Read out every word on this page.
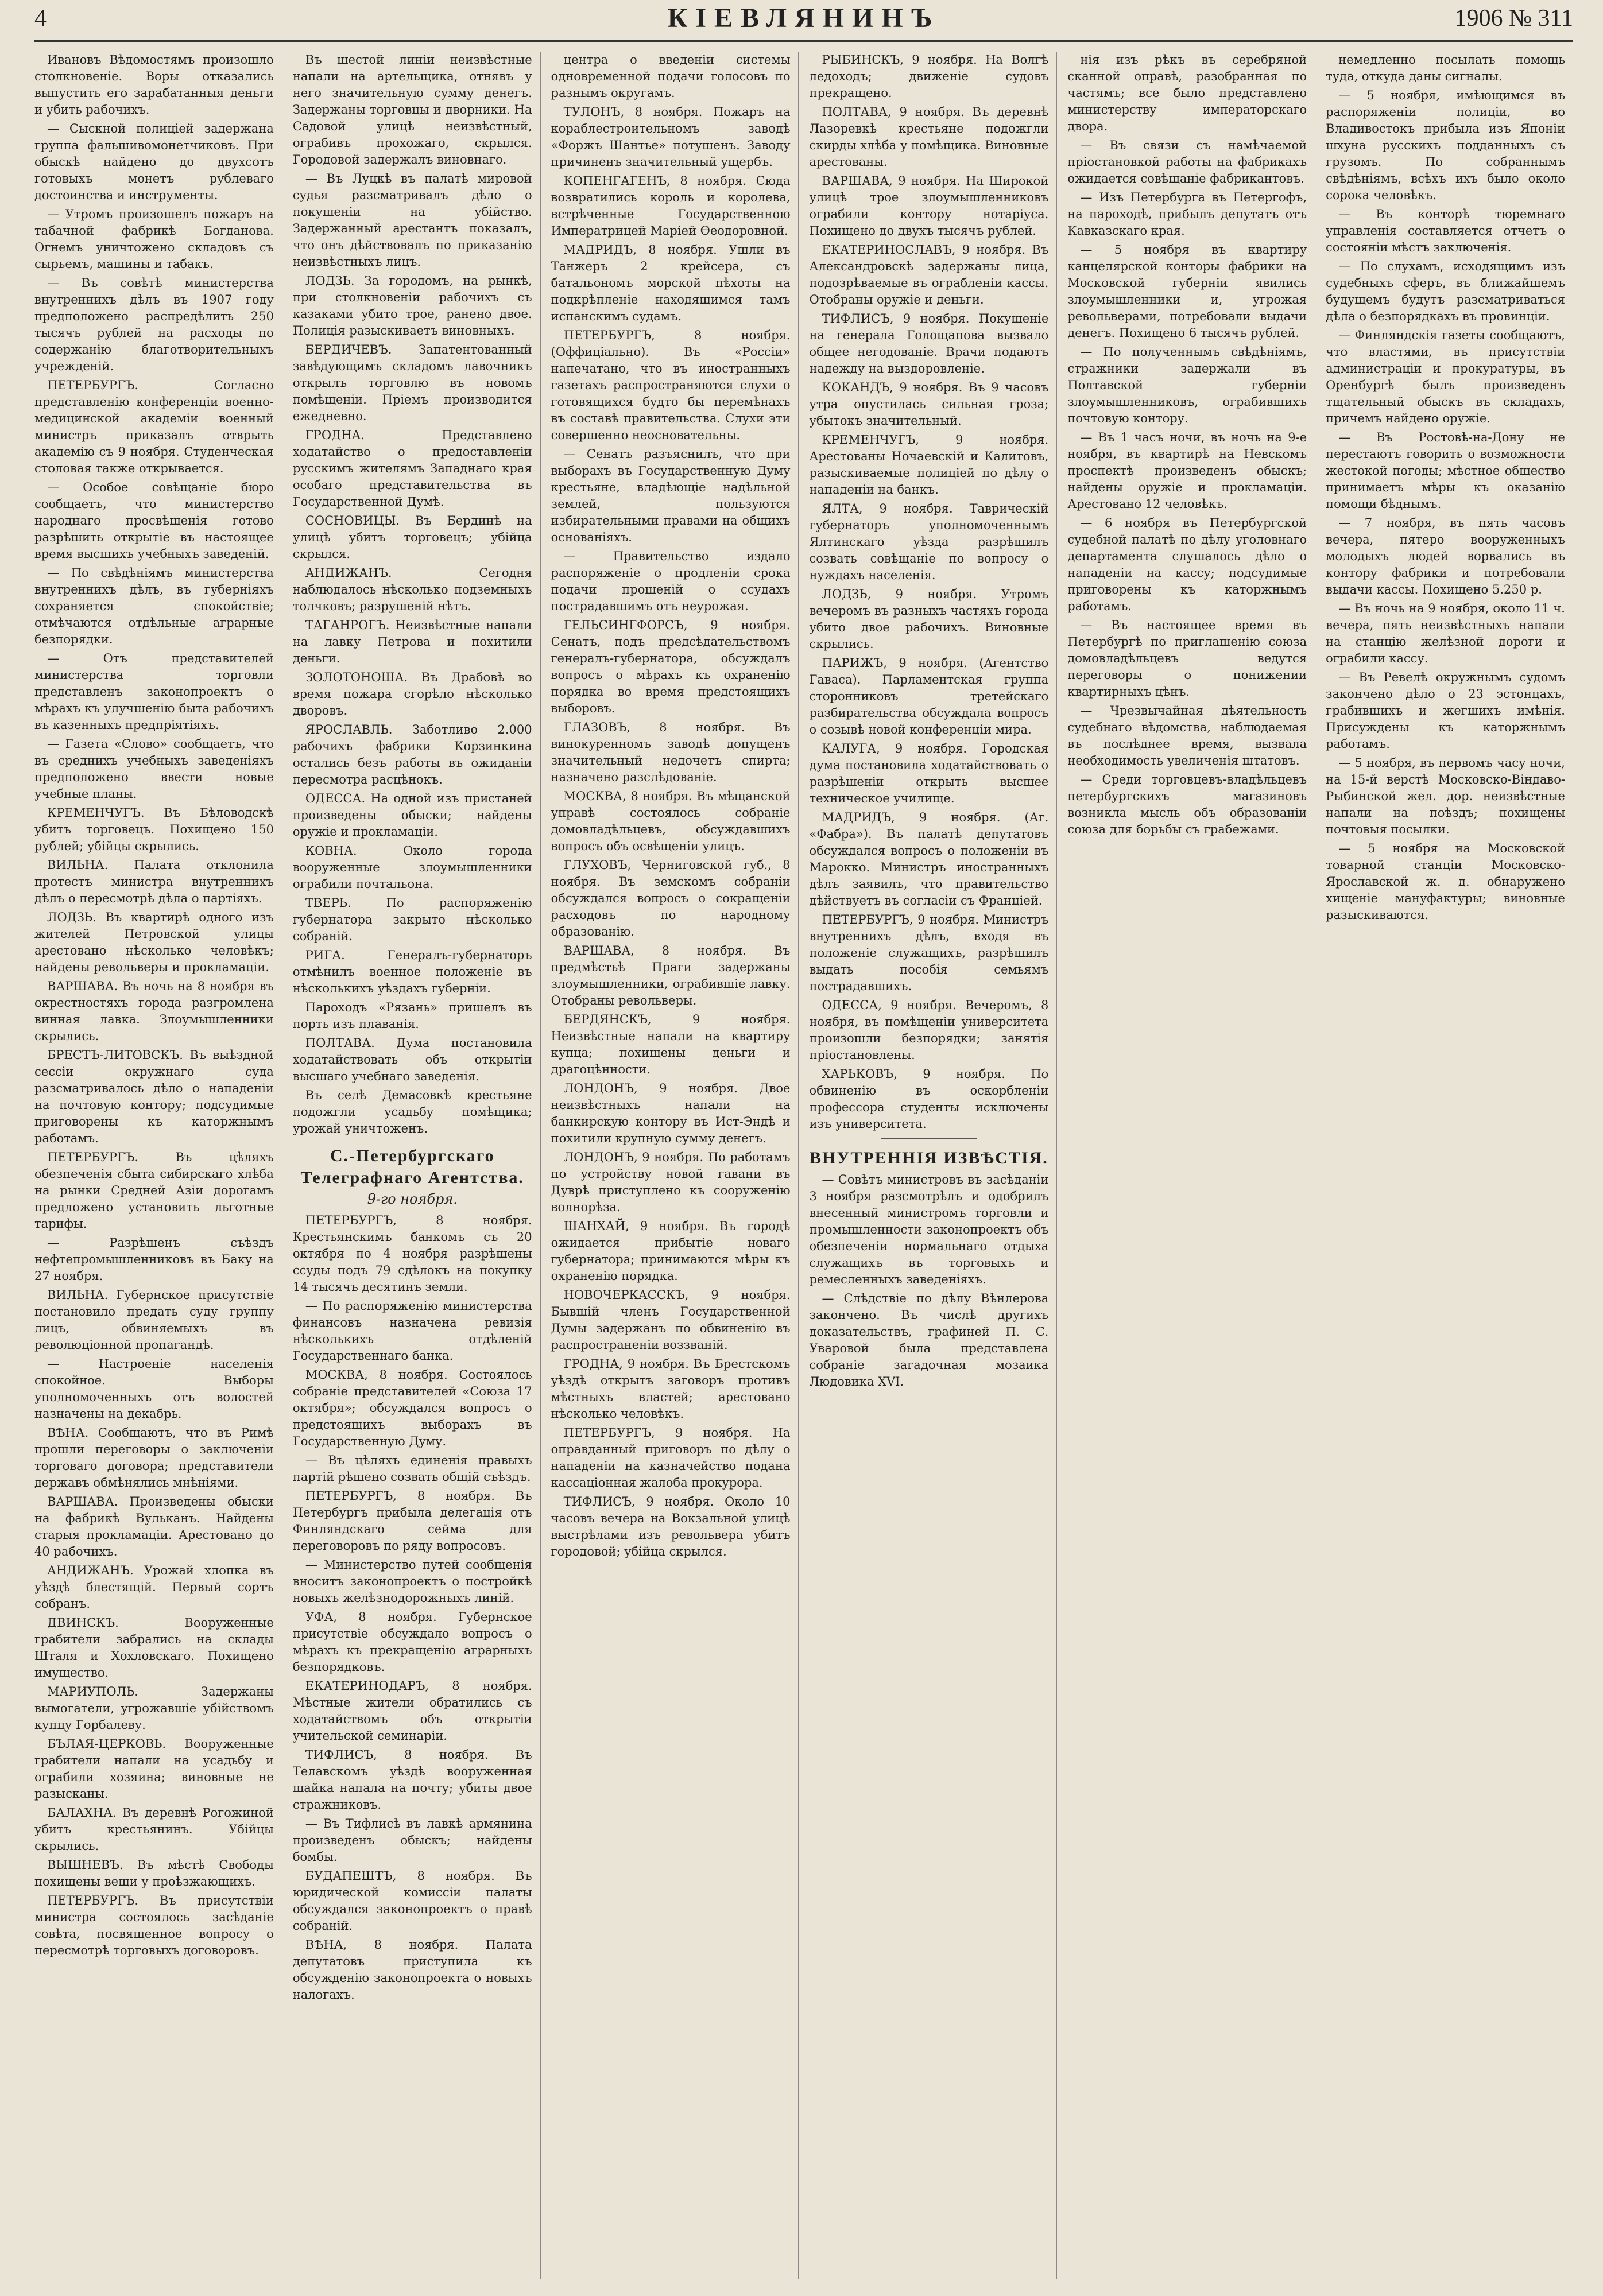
4	КІЕВЛЯНИНЪ	1906 № 311

Ивановъ Вѣдомостямъ произошло столкновеніе. Воры отказались выпустить его зарабатанныя деньги и убить рабочихъ.

— Сыскной полиціей задержана группа фальшивомонетчиковъ. При обыскѣ найдено до двухсотъ готовыхъ монетъ рублеваго достоинства и инструменты.

— Утромъ произошелъ пожаръ на табачной фабрикѣ Богданова. Огнемъ уничтожено складовъ съ сырьемъ, машины и табакъ.

— Въ совѣтѣ министерства внутреннихъ дѣлъ въ 1907 году предположено распредѣлить 250 тысячъ рублей на расходы по содержанію благотворительныхъ учрежденій.

ПЕТЕРБУРГЪ. Согласно представленію конференціи военно-медицинской академіи военный министръ приказалъ отврыть академію съ 9 ноября. Студенческая столовая также открывается.

— Особое совѣщаніе бюро сообщаетъ, что министерство народнаго просвѣщенія готово разрѣшить открытіе въ настоящее время высшихъ учебныхъ заведеній.

— По свѣдѣніямъ министерства внутреннихъ дѣлъ, въ губерніяхъ сохраняется спокойствіе; отмѣчаются отдѣльные аграрные безпорядки.

— Отъ представителей министерства торговли представленъ законопроектъ о мѣрахъ къ улучшенію быта рабочихъ въ казенныхъ предпріятіяхъ.

— Газета «Слово» сообщаетъ, что въ среднихъ учебныхъ заведеніяхъ предположено ввести новые учебные планы.

КРЕМЕНЧУГЪ. Въ Бѣловодскѣ убитъ торговецъ. Похищено 150 рублей; убійцы скрылись.

ВИЛЬНА. Палата отклонила протестъ министра внутреннихъ дѣлъ о пересмотрѣ дѣла о партіяхъ.

ЛОДЗЬ. Въ квартирѣ одного изъ жителей Петровской улицы арестовано нѣсколько человѣкъ; найдены револьверы и прокламаціи.

ВАРШАВА. Въ ночь на 8 ноября въ окрестностяхъ города разгромлена винная лавка. Злоумышленники скрылись.

БРЕСТЪ-ЛИТОВСКЪ. Въ выѣздной сессіи окружнаго суда разсматривалось дѣло о нападеніи на почтовую контору; подсудимые приговорены къ каторжнымъ работамъ.

ПЕТЕРБУРГЪ. Въ цѣляхъ обезпеченія сбыта сибирскаго хлѣба на рынки Средней Азіи дорогамъ предложено установить льготные тарифы.

— Разрѣшенъ съѣздъ нефтепромышленниковъ въ Баку на 27 ноября.

ВИЛЬНА. Губернское присутствіе постановило предать суду группу лицъ, обвиняемыхъ въ революціонной пропагандѣ.

— Настроеніе населенія спокойное. Выборы уполномоченныхъ отъ волостей назначены на декабрь.

ВѢНА. Сообщаютъ, что въ Римѣ прошли переговоры о заключеніи торговаго договора; представители державъ обмѣнялись мнѣніями.

ВАРШАВА. Произведены обыски на фабрикѣ Вульканъ. Найдены старыя прокламаціи. Арестовано до 40 рабочихъ.

АНДИЖАНЪ. Урожай хлопка въ уѣздѣ блестящій. Первый сортъ собранъ.

ДВИНСКЪ. Вооруженные грабители забрались на склады Шталя и Хохловскаго. Похищено имущество.

МАРИУПОЛЬ. Задержаны вымогатели, угрожавшіе убійствомъ купцу Горбалеву.

БЪЛАЯ-ЦЕРКОВЬ. Вооруженные грабители напали на усадьбу и ограбили хозяина; виновные не разысканы.

БАЛАХНА. Въ деревнѣ Рогожиной убитъ крестьянинъ. Убійцы скрылись.

ВЫШНЕВЪ. Въ мѣстѣ Свободы похищены вещи у проѣзжающихъ.

ПЕТЕРБУРГЪ. Въ присутствіи министра состоялось засѣданіе совѣта, посвященное вопросу о пересмотрѣ торговыхъ договоровъ.

Въ шестой линіи неизвѣстные напали на артельщика, отнявъ у него значительную сумму денегъ. Задержаны торговцы и дворники. На Садовой улицѣ неизвѣстный, ограбивъ прохожаго, скрылся. Городовой задержалъ виновнаго.

— Въ Луцкѣ въ палатѣ мировой судья разсматривалъ дѣло о покушеніи на убійство. Задержанный арестантъ показалъ, что онъ дѣйствовалъ по приказанію неизвѣстныхъ лицъ.

ЛОДЗЬ. За городомъ, на рынкѣ, при столкновеніи рабочихъ съ казаками убито трое, ранено двое. Полиція разыскиваетъ виновныхъ.

БЕРДИЧЕВЪ. Запатентованный завѣдующимъ складомъ лавочникъ открылъ торговлю въ новомъ помѣщеніи. Пріемъ производится ежедневно.

ГРОДНА. Представлено ходатайство о предоставленіи русскимъ жителямъ Западнаго края особаго представительства въ Государственной Думѣ.

СОСНОВИЦЫ. Въ Бердинѣ на улицѣ убитъ торговецъ; убійца скрылся.

АНДИЖАНЪ. Сегодня наблюдалось нѣсколько подземныхъ толчковъ; разрушеній нѣтъ.

ТАГАНРОГЪ. Неизвѣстные напали на лавку Петрова и похитили деньги.

ЗОЛОТОНОША. Въ Драбовѣ во время пожара сгорѣло нѣсколько дворовъ.

ЯРОСЛАВЛЬ. Заботливо 2.000 рабочихъ фабрики Корзинкина остались безъ работы въ ожиданіи пересмотра расцѣнокъ.

ОДЕССА. На одной изъ пристаней произведены обыски; найдены оружіе и прокламаціи.

КОВНА. Около города вооруженные злоумышленники ограбили почтальона.

ТВЕРЬ. По распоряженію губернатора закрыто нѣсколько собраній.

РИГА. Генералъ-губернаторъ отмѣнилъ военное положеніе въ нѣсколькихъ уѣздахъ губерніи.

Пароходъ «Рязань» пришелъ въ порть изъ плаванія.

ПОЛТАВА. Дума постановила ходатайствовать объ открытіи высшаго учебнаго заведенія.

Въ селѣ Демасовкѣ крестьяне подожгли усадьбу помѣщика; урожай уничтоженъ.

С.-Петербургскаго Телеграфнаго Агентства.
9-го ноября.

ПЕТЕРБУРГЪ, 8 ноября. Крестьянскимъ банкомъ съ 20 октября по 4 ноября разрѣшены ссуды подъ 79 сдѣлокъ на покупку 14 тысячъ десятинъ земли.

— По распоряженію министерства финансовъ назначена ревизія нѣсколькихъ отдѣленій Государственнаго банка.

МОСКВА, 8 ноября. Состоялось собраніе представителей «Союза 17 октября»; обсуждался вопросъ о предстоящихъ выборахъ въ Государственную Думу.

— Въ цѣляхъ единенія правыхъ партій рѣшено созвать общій съѣздъ.

ПЕТЕРБУРГЪ, 8 ноября. Въ Петербургъ прибыла делегація отъ Финляндскаго сейма для переговоровъ по ряду вопросовъ.

— Министерство путей сообщенія вноситъ законопроектъ о постройкѣ новыхъ желѣзнодорожныхъ линій.

УФА, 8 ноября. Губернское присутствіе обсуждало вопросъ о мѣрахъ къ прекращенію аграрныхъ безпорядковъ.

ЕКАТЕРИНОДАРЪ, 8 ноября. Мѣстные жители обратились съ ходатайствомъ объ открытіи учительской семинаріи.

ТИФЛИСЪ, 8 ноября. Въ Телавскомъ уѣздѣ вооруженная шайка напала на почту; убиты двое стражниковъ.

— Въ Тифлисѣ въ лавкѣ армянина произведенъ обыскъ; найдены бомбы.

БУДАПЕШТЪ, 8 ноября. Въ юридической комиссіи палаты обсуждался законопроектъ о правѣ собраній.

ВѢНА, 8 ноября. Палата депутатовъ приступила къ обсужденію законопроекта о новыхъ налогахъ.

центра о введеніи системы одновременной подачи голосовъ по разнымъ округамъ.

ТУЛОНЪ, 8 ноября. Пожаръ на кораблестроительномъ заводѣ «Форжъ Шантье» потушенъ. Заводу причиненъ значительный ущербъ.

КОПЕНГАГЕНЪ, 8 ноября. Сюда возвратились король и королева, встрѣченные Государственною Императрицей Маріей Ѳеодоровной.

МАДРИДЪ, 8 ноября. Ушли въ Танжеръ 2 крейсера, съ батальономъ морской пѣхоты на подкрѣпленіе находящимся тамъ испанскимъ судамъ.

ПЕТЕРБУРГЪ, 8 ноября. (Оффиціально). Въ «Россіи» напечатано, что въ иностранныхъ газетахъ распространяются слухи о готовящихся будто бы перемѣнахъ въ составѣ правительства. Слухи эти совершенно неосновательны.

— Сенатъ разъяснилъ, что при выборахъ въ Государственную Думу крестьяне, владѣющіе надѣльной землей, пользуются избирательными правами на общихъ основаніяхъ.

— Правительство издало распоряженіе о продленіи срока подачи прошеній о ссудахъ пострадавшимъ отъ неурожая.

ГЕЛЬСИНГФОРСЪ, 9 ноября. Сенатъ, подъ предсѣдательствомъ генералъ-губернатора, обсуждалъ вопросъ о мѣрахъ къ охраненію порядка во время предстоящихъ выборовъ.

ГЛАЗОВЪ, 8 ноября. Въ винокуренномъ заводѣ допущенъ значительный недочетъ спирта; назначено разслѣдованіе.

МОСКВА, 8 ноября. Въ мѣщанской управѣ состоялось собраніе домовладѣльцевъ, обсуждавшихъ вопросъ объ освѣщеніи улицъ.

ГЛУХОВЪ, Черниговской губ., 8 ноября. Въ земскомъ собраніи обсуждался вопросъ о сокращеніи расходовъ по народному образованію.

ВАРШАВА, 8 ноября. Въ предмѣстьѣ Праги задержаны злоумышленники, ограбившіе лавку. Отобраны револьверы.

БЕРДЯНСКЪ, 9 ноября. Неизвѣстные напали на квартиру купца; похищены деньги и драгоцѣнности.

ЛОНДОНЪ, 9 ноября. Двое неизвѣстныхъ напали на банкирскую контору въ Ист-Эндѣ и похитили крупную сумму денегъ.

ЛОНДОНЪ, 9 ноября. По работамъ по устройству новой гавани въ Дуврѣ приступлено къ сооруженію волнорѣза.

ШАНХАЙ, 9 ноября. Въ городѣ ожидается прибытіе новаго губернатора; принимаются мѣры къ охраненію порядка.

НОВОЧЕРКАССКЪ, 9 ноября. Бывшій членъ Государственной Думы задержанъ по обвиненію въ распространеніи воззваній.

ГРОДНА, 9 ноября. Въ Брестскомъ уѣздѣ открытъ заговоръ противъ мѣстныхъ властей; арестовано нѣсколько человѣкъ.

ПЕТЕРБУРГЪ, 9 ноября. На оправданный приговоръ по дѣлу о нападеніи на казначейство подана кассаціонная жалоба прокурора.

ТИФЛИСЪ, 9 ноября. Около 10 часовъ вечера на Вокзальной улицѣ выстрѣлами изъ револьвера убитъ городовой; убійца скрылся.

РЫБИНСКЪ, 9 ноября. На Волгѣ ледоходъ; движеніе судовъ прекращено.

ПОЛТАВА, 9 ноября. Въ деревнѣ Лазоревкѣ крестьяне подожгли скирды хлѣба у помѣщика. Виновные арестованы.

ВАРШАВА, 9 ноября. На Широкой улицѣ трое злоумышленниковъ ограбили контору нотаріуса. Похищено до двухъ тысячъ рублей.

ЕКАТЕРИНОСЛАВЪ, 9 ноября. Въ Александровскѣ задержаны лица, подозрѣваемые въ ограбленіи кассы. Отобраны оружіе и деньги.

ТИФЛИСЪ, 9 ноября. Покушеніе на генерала Голощапова вызвало общее негодованіе. Врачи подаютъ надежду на выздоровленіе.

КОКАНДЪ, 9 ноября. Въ 9 часовъ утра опустилась сильная гроза; убытокъ значительный.

КРЕМЕНЧУГЪ, 9 ноября. Арестованы Ночаевскій и Калитовъ, разыскиваемые полиціей по дѣлу о нападеніи на банкъ.

ЯЛТА, 9 ноября. Таврическій губернаторъ уполномоченнымъ Ялтинскаго уѣзда разрѣшилъ созвать совѣщаніе по вопросу о нуждахъ населенія.

ЛОДЗЬ, 9 ноября. Утромъ вечеромъ въ разныхъ частяхъ города убито двое рабочихъ. Виновные скрылись.

ПАРИЖЪ, 9 ноября. (Агентство Гаваса). Парламентская группа сторонниковъ третейскаго разбирательства обсуждала вопросъ о созывѣ новой конференціи мира.

КАЛУГА, 9 ноября. Городская дума постановила ходатайствовать о разрѣшеніи открыть высшее техническое училище.

МАДРИДЪ, 9 ноября. (Аг. «Фабра»). Въ палатѣ депутатовъ обсуждался вопросъ о положеніи въ Марокко. Министръ иностранныхъ дѣлъ заявилъ, что правительство дѣйствуетъ въ согласіи съ Франціей.

ПЕТЕРБУРГЪ, 9 ноября. Министръ внутреннихъ дѣлъ, входя въ положеніе служащихъ, разрѣшилъ выдать пособія семьямъ пострадавшихъ.

ОДЕССА, 9 ноября. Вечеромъ, 8 ноября, въ помѣщеніи университета произошли безпорядки; занятія пріостановлены.

ХАРЬКОВЪ, 9 ноября. По обвиненію въ оскорбленіи профессора студенты исключены изъ университета.

ВНУТРЕННІЯ ИЗВѢСТІЯ.

— Совѣтъ министровъ въ засѣданіи 3 ноября разсмотрѣлъ и одобрилъ внесенный министромъ торговли и промышленности законопроектъ объ обезпеченіи нормальнаго отдыха служащихъ въ торговыхъ и ремесленныхъ заведеніяхъ.

— Слѣдствіе по дѣлу Вѣнлерова закончено. Въ числѣ другихъ доказательствъ, графиней П. С. Уваровой была представлена собраніе загадочная мозаика Людовика XVI.

нія изъ рѣкъ въ серебряной сканной оправѣ, разобранная по частямъ; все было представлено министерству императорскаго двора.

— Въ связи съ намѣчаемой пріостановкой работы на фабрикахъ ожидается совѣщаніе фабрикантовъ.

— Изъ Петербурга въ Петергофъ, на пароходѣ, прибылъ депутатъ отъ Кавказскаго края.

— 5 ноября въ квартиру канцелярской конторы фабрики на Московской губерніи явились злоумышленники и, угрожая револьверами, потребовали выдачи денегъ. Похищено 6 тысячъ рублей.

— По полученнымъ свѣдѣніямъ, стражники задержали въ Полтавской губерніи злоумышленниковъ, ограбившихъ почтовую контору.

— Въ 1 часъ ночи, въ ночь на 9-е ноября, въ квартирѣ на Невскомъ проспектѣ произведенъ обыскъ; найдены оружіе и прокламаціи. Арестовано 12 человѣкъ.

— 6 ноября въ Петербургской судебной палатѣ по дѣлу уголовнаго департамента слушалось дѣло о нападеніи на кассу; подсудимые приговорены къ каторжнымъ работамъ.

— Въ настоящее время въ Петербургѣ по приглашенію союза домовладѣльцевъ ведутся переговоры о понижении квартирныхъ цѣнъ.

— Чрезвычайная дѣятельность судебнаго вѣдомства, наблюдаемая въ послѣднее время, вызвала необходимость увеличенія штатовъ.

— Среди торговцевъ-владѣльцевъ петербургскихъ магазиновъ возникла мысль объ образованіи союза для борьбы съ грабежами.

немедленно посылать помощь туда, откуда даны сигналы.

— 5 ноября, имѣющимся въ распоряженіи полиціи, во Владивостокъ прибыла изъ Японіи шхуна русскихъ подданныхъ съ грузомъ. По собраннымъ свѣдѣніямъ, всѣхъ ихъ было около сорока человѣкъ.

— Въ конторѣ тюремнаго управленія составляется отчетъ о состояніи мѣстъ заключенія.

— По слухамъ, исходящимъ изъ судебныхъ сферъ, въ ближайшемъ будущемъ будутъ разсматриваться дѣла о безпорядкахъ въ провинціи.

— Финляндскія газеты сообщаютъ, что властями, въ присутствіи администраціи и прокуратуры, въ Оренбургѣ былъ произведенъ тщательный обыскъ въ складахъ, причемъ найдено оружіе.

— Въ Ростовѣ-на-Дону не перестаютъ говорить о возможности жестокой погоды; мѣстное общество принимаетъ мѣры къ оказанію помощи бѣднымъ.

— 7 ноября, въ пять часовъ вечера, пятеро вооруженныхъ молодыхъ людей ворвались въ контору фабрики и потребовали выдачи кассы. Похищено 5.250 р.

— Въ ночь на 9 ноября, около 11 ч. вечера, пять неизвѣстныхъ напали на станцію желѣзной дороги и ограбили кассу.

— Въ Ревелѣ окружнымъ судомъ закончено дѣло о 23 эстонцахъ, грабившихъ и жегшихъ имѣнія. Присуждены къ каторжнымъ работамъ.

— 5 ноября, въ первомъ часу ночи, на 15-й верстѣ Московско-Віндаво-Рыбинской жел. дор. неизвѣстные напали на поѣздъ; похищены почтовыя посылки.

— 5 ноября на Московской товарной станціи Московско-Ярославской ж. д. обнаружено хищеніе мануфактуры; виновные разыскиваются.
